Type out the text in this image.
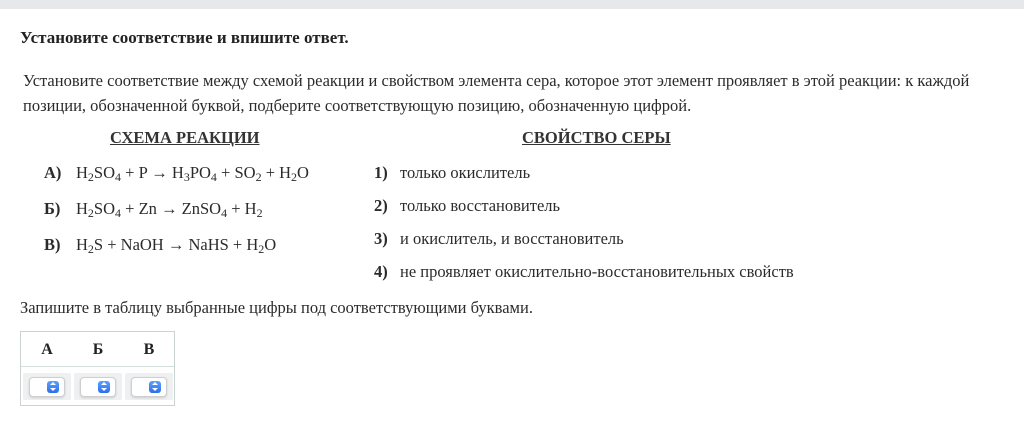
Установите соответствие и впишите ответ.
Установите соответствие между схемой реакции и свойством элемента сера, которое этот элемент проявляет в этой реакции: к каждой позиции, обозначенной буквой, подберите соответствующую позицию, обозначенную цифрой.
СХЕМА РЕАКЦИИ	СВОЙСТВО СЕРЫ
А) $H_2SO_4 + P \to H_3PO_4 + SO_2 + H_2O$
Б) $H_2SO_4 + Zn$ → ZnSO$_4$ + $H_2$
В) $H_2S$ + NaOH → NaHS + $H_2O$
1) только окислитель
2) только восстановитель
3) и окислитель, и восстановитель
4) не проявляет окислительно-восстановительных свойств
Запишите в таблицу выбранные цифры под соответствующими буквами.
А	Б	В
